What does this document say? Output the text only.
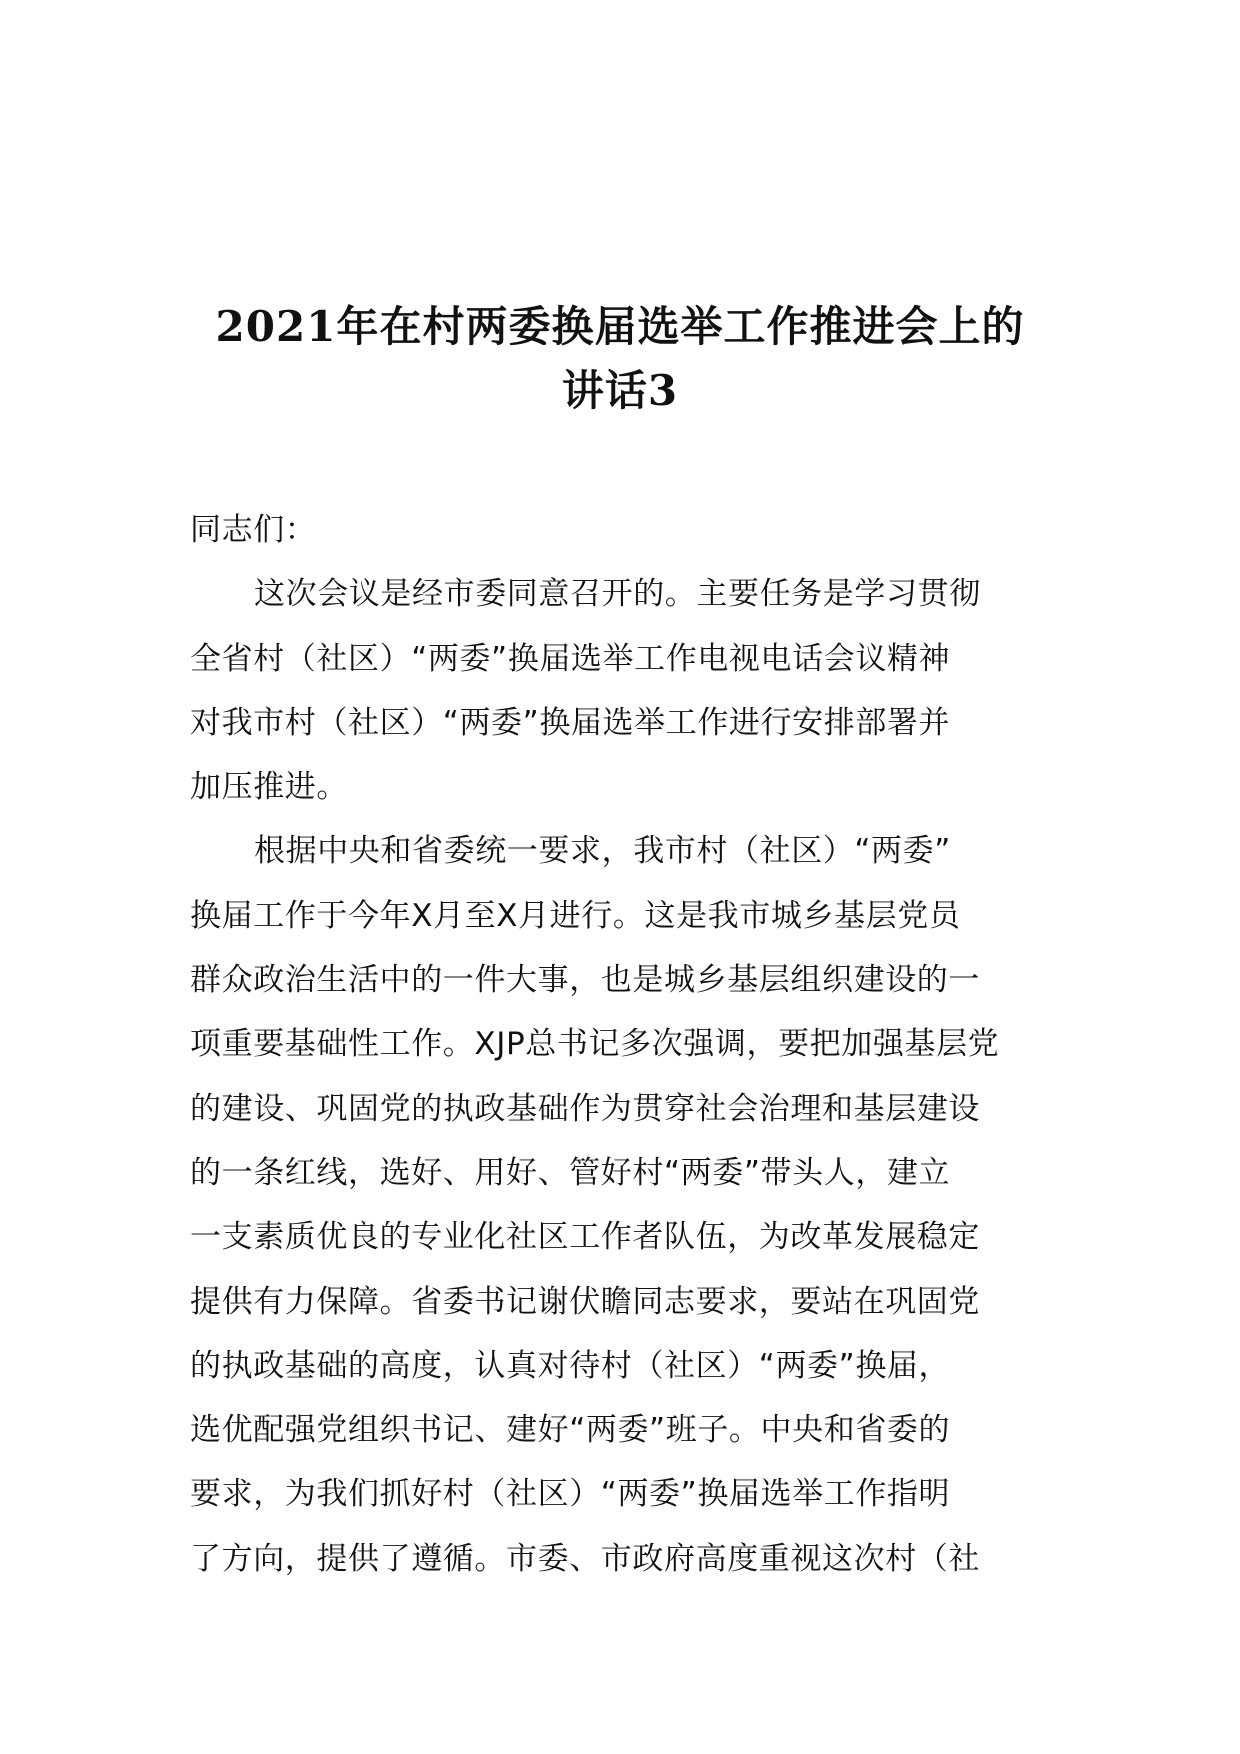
2021年在村两委换届选举工作推进会上的
讲话3

同志们：

这次会议是经市委同意召开的。主要任务是学习贯彻
全省村（社区）“两委”换届选举工作电视电话会议精神
对我市村（社区）“两委”换届选举工作进行安排部署并
加压推进。

根据中央和省委统一要求，我市村（社区）“两委”
换届工作于今年X月至X月进行。这是我市城乡基层党员
群众政治生活中的一件大事，也是城乡基层组织建设的一
项重要基础性工作。XJP总书记多次强调，要把加强基层党
的建设、巩固党的执政基础作为贯穿社会治理和基层建设
的一条红线，选好、用好、管好村“两委”带头人，建立
一支素质优良的专业化社区工作者队伍，为改革发展稳定
提供有力保障。省委书记谢伏瞻同志要求，要站在巩固党
的执政基础的高度，认真对待村（社区）“两委”换届，
选优配强党组织书记、建好“两委”班子。中央和省委的
要求，为我们抓好村（社区）“两委”换届选举工作指明
了方向，提供了遵循。市委、市政府高度重视这次村（社
